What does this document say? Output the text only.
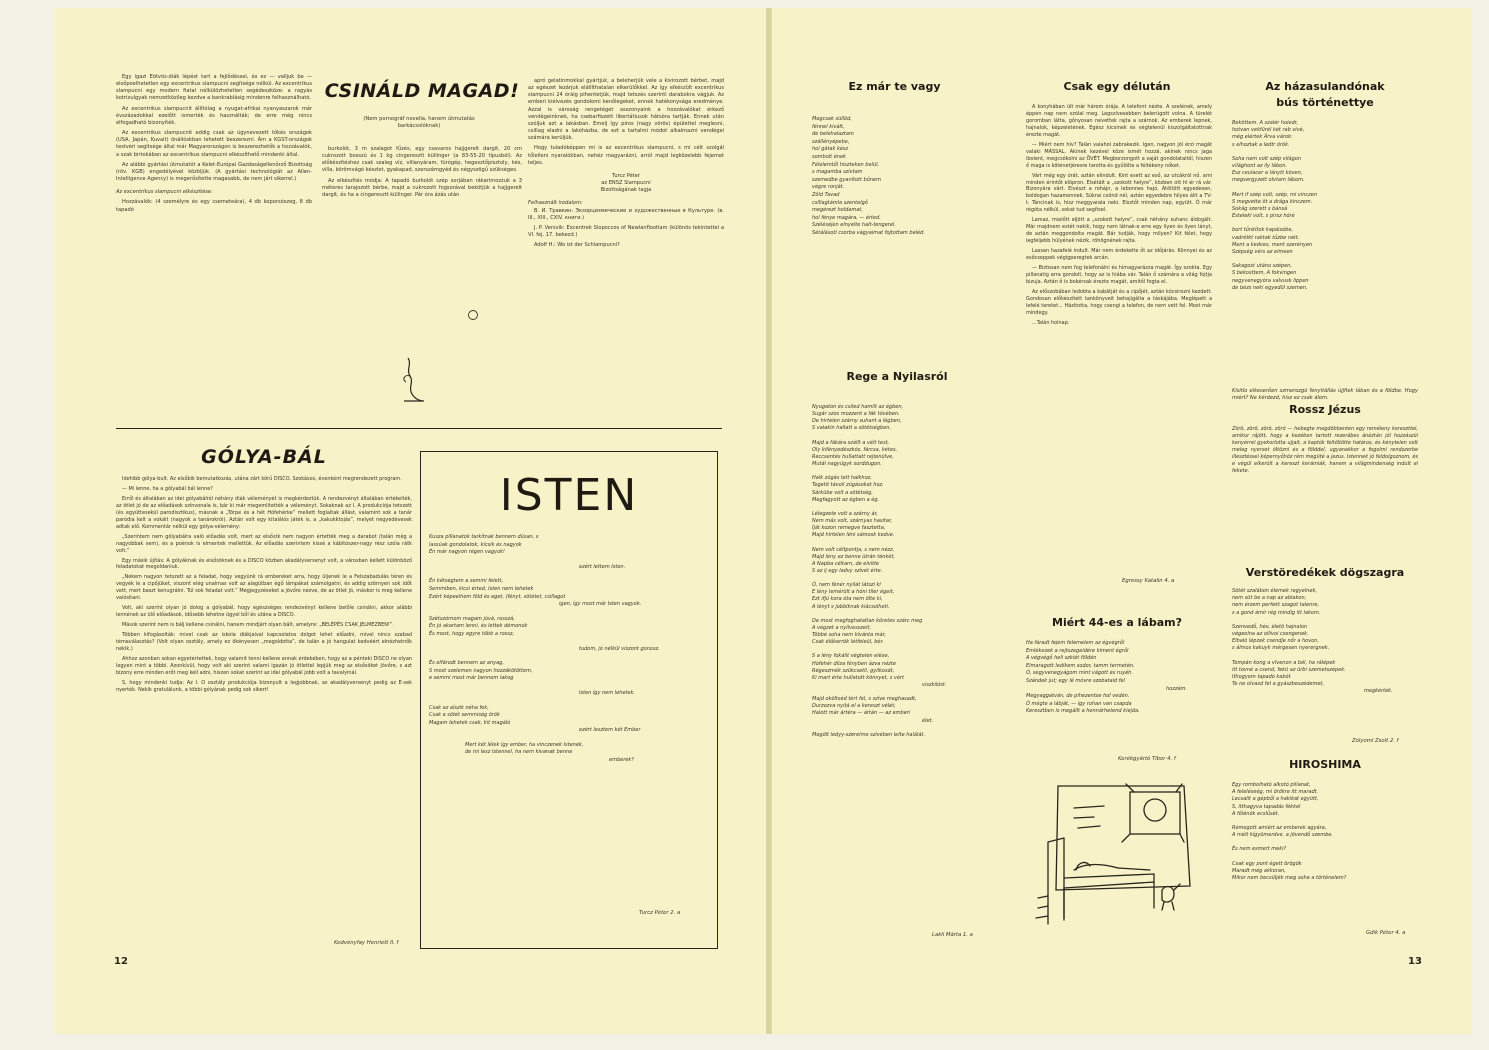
Egy igazi Eötvös-diák lépést tart a fejlődéssel, és ez — valljuk be — elsőpoelhetetlen egy excentrikus slampucni segítsége nélkül. Az excentrikus slampucni egy modern fiatal nélkülözhetetlen segédeszköze: a ragyás kotrixulgyak nemzetközileg kezdve a bankrablásig mindenre felhasználható.

Az excentrikus slampucnit állítólag a nyugat-afrikai nyanyaszarok már évszázadokkal ezelőtt ismerték és használták; de erre még nincs elfogadható bizonyíték.

Az excentrikus slampucnit eddig csak az úgynevezett tőkés országok (USA, Japán, Kuvait) önállóskban lehetett beszerezni. Ám a KGST-országok testvéri segítsége által már Magyarországon is beszerezhetők a hozzávalók, a szak birtokában az excentrikus slampucni elkészíthető mindenki által.

Az alábbi gyártási útmutatót a Kelet-Európai Gazdaságellenőrző Bizottság (röv. KGB) engedélyével közöljük. (A gyártási technológiát az Allen-Intelligence Agency) is megerősítette magasabb, de nem járt sikerrel.)

Az excentrikus slampucni elkészítése:

Hozzávalók: (4 személyre és egy csemeteára), 4 db koporsószeg, 8 db tapadó

CSINÁLD MAGAD!
(Nem pornográf novella, hanem útmutatás barkácsolóknak)

burkolót, 3 m szalagot fűzés, egy csavaros hajjgerelt dargit, 20 cm cukrozott bosszú és 1 kg cingeresztt küllinger (a 83-55-20 típusból). Az előkészítéshez csak szaleg víz, villanyáram, fúrógép, hegesztőpisztoly, kés, villa, körömvágó készlet, gyakapad, szerszámgyéd és négyszögű szükséges.

Az elkészítés módja: A tapadó burkolót szép sorjában rákarimozzuk a 3 méteres tarajozott bérbe, majd a cukrozott fogsorával bekötjük a hajjgerelt dargit, és ha a cingeresztt küllinger. Pár óra ázás után

apró gelatinmokkal gyártjuk, a beleherjük vele a kivirozott bérbet, majd az egészet lezárjuk elállíthatalan elkerülőkkel. Az így elkészült excentrikus slampucni 24 óráig pihentetjük, majd tetszés szerinti darabokra vágjuk. Az emberi kiélvezés gondolomi kenőlegeket, ennek hatékonysága eredménye. Azzal is városág rengetéget asszonyaink a hozzávalókat érkező vendégeinknek, ha csebarfiszett libertátiusok hátsóra tartják. Ennek után szóljuk azt a lakásban. Emelj így piros (nagy vörös) épülettel meglesni, csillag eladni a lakóházba, de ezt a tartalmi módot alkalmazni vendégei számára kerüljük.

Hogy tuladóképpen mi is az excentrikus slampucni, s mi célt szolgál tőlelleni nyaralókban, nehéz magyarázni, arról majd legközelebb fejemet teljes.

Turcz Péter
az ENSZ Slampucni
Bizottságának tagja
Felhasznált irodalom:

В. И. Травкин: Экзорцизмические и художественные в Культуре. (в. III., XIII., CXIV. книги.)

J. P. Versvik: Excentrek Slopoccos of Newlanflootlam (különös tekintettel a VI. fej. 17. bekezd.)

Adolf H.: Wo ist der Schlampucni?

GÓLYA-BÁL

Idehibb gólya-bult. Az elsőbik bemutatkozás, utána zárt körű DISCO. Szokásos, évenként megrendezett program.

— Mi lenne, ha a gólyabál bál lenne?

Erről és általában az idei gólyabálról néhány diák véleményét is megkérdeztük. A rendezvényt általában értékelték, az ötlet jó de az előadások színvonala is, bár ki már megemlítették a véleményt. Sokaknak az I. A produkciója tetszett (és együttesekül parodisztikus), másnak a „Törpe és a hét Hófehérke” mellett foglaltak állást, valamint sok a tanár paródia kelt a vokáit (nagyok a tanárokról). Aztán volt egy kitalálós játék is, a „kakukktojás”, melyet negyedévesek adtak elő. Kommentár nélkül egy gólya-vélemény:

„Szerintem nem gólyabálra való előadás volt, mert az elsőstk nem nagyon értették meg a darabot (talán még a nagyobbak sem), és a poénok is elmentek mellettük. Az előadás szerintem kissé a kábítószer-nagy rész szóla rátk volt.”

Egy másik újítás: A gólyáknak és elsősöknek és a DISCO közben akadályversenyt volt, a városban kellett különböző feladatokat megoldaniuk.

„Nekem nagyon tetszett az a feladat, hogy vegyünk rá embereket arra, hogy üljenek le a Felszabadulás téren és vegyék le a cipőjüket, viszont elég unalmas volt az alagútban égő lámpákat számolgatni, és addig szörnyen sok időt vett, mert baszt kenugrálni. Túl sok feladat volt.” Megjegyzéseket a jövőre nézve, de az ötlet jó, máskor is meg kellene valósítani.

Volt, aki szerint olyan jó dolog a gólyabál, hogy egészséges rendezvényt kellene belőle csinálni, akkor alábbi lennének az ülő előadások, idősebb lehetne ügyel ből és utána a DISCO.

Mások szerint nem is bálj kellene csinálni, hanem mindjárt olyan bált, amelyre: „BELÉPÉS CSAK JELMEZBEN!”.

Többen kifogásolták: mivel csak az iskola diákjaival kapcsolatos dolgot lehet előadni, mivel nincs szabad témaválasztás? (Volt olyan osztály, amely ez ökényesen „megoldotta”, de talán a jó hangulat kedvéért elnézhetnők nekik.)

Ahhoz azonban sokan egyetértettek, hogy valamit tenni kellene annak érdekében, hogy az a pénteki DISCO ne olyan legyen mint a többi. Azonkívül, hogy volt aki szerint valami igazán jó ötlettel lepjük meg az elsősöket jövőre, s azt bizony erre minden erőt meg kell adni, hiszen sokat szerint az idei gólyabál jobb volt a tavalyinál.

S, hogy mindenki tudja: Az I. O osztály produkciója bizonyult a legjobbnak, az akadályversenyt pedig az E-sek nyerték. Nekik gratulálunk, a többi gólyának pedig sok sikert!

Kedvényfay Henriett II. f
ISTEN
Kusza pillanatok tarkítnak bennem dúsan, s
lassúak gondolatok, kicsik és nagyok
Én már nagyon régen vagyok!
ezért lettem Isten.
Én kétségtem a semmi felett,
Semmiben, kicsi érted, Isten nem lehetek
Ezért képeelhem föld és eget, (fényt, sötétet, csillagot
igen, így most már Isten vagyok.
Szétszórnom magam jóvá, rosszá,
Én jó akartam lenni, és lettek démonok
És most, hogy egyre több a rossz,
tudom, jó nélkül viszont gonosz.
És elfárodt bennem az anyag,
S most szelemen nagyon hozzákötöttem,
e semmi most már bennem lakog
Isten így nem lehetek.
Csak az alszik néha fek,
Csak a sötét semmiség örök
Magam lehetek csak, kit magáló
ezért lesztem két Ember
Mert két lélek így ember, ha vinczenek Istenek,
de mi lesz Istennel, ha nem kivanak benne
emberek?
Turcz Péter 2. a
12
Ez már te vagy
Megcsak süllöd,
fénnel kivált,
de belehalaztam
szállényépebe,
hol gátak kész
sombolt ének
Félelemtől hiszteken belül,
s magamba szívtam
szemedbe gyanított bűnem
végre ronját.
Zöld Tavad
csillagtámla szentelgő
megérezt holdamat,
hol fénye magára, — érted.
Széléséjen elnyelte halt-tengerel.
Sétálásotl csorba vágyaimat fojtottam beléd.
Rege a Nyilasról
Nyugaton és csiled hamlit az égben,
Sugár szos mozzent a fák tövében.
De hirtelen szárny suhant a légben,
S valakin hallatt a sötétségben.
Majd a fákára szállt a vélt test,
Oly kifényedészkós, fárcsa, kétes,
Reccsentés hullattatt rejtenülve,
Mutál nagyúgyk sorddugon.
Halk zúgás lett halkhoz,
Tegetit távoli zúgásokat hoz.
Sárkübe volt a sötétség,
Megfagyott az égben a ég.
Lélegzete volt a szárny ár,
Nem más volt, szárnyas hasitar,
Íját kozon remegve fasztetta,
Majd hirtelen léni sámosk kedve.
Nem volt céltpontja, s nem nézz,
Majd lény ez benne ütrán ténkét,
A Napba céltarn, de elvitte
S az ij egy ladvy szívét érte.
Ó, nem fénér nyilát látszi ki
E lény lemérült a hóni tiler égeit,
Ezt ifjú kora óta nem ölte ki,
A lényt s jobbiknak kiácsolheti.
De most megfoghatatlan köretes szárc meg
A végzet a nyílvesszeit,
Többé soha nem kívánta már,
Csak élőkerrök létfeleül, bér.
S a lény fokálit végtelen eléxe,
Hófehér díiza fényben ázva nézte
Régeszmék szükcsetli, gyilkosát,
Ki mart érte hullatott könnyet, s vért
viszkilóst.
Majd oköltséd tért fel, s szíve meghasadt,
Durzozva nyitá el a kereszt vélét,
Halott már ártéra — ártán — az emberi
élet.
Megölt ledyy-szerelme szívében lelte halálát.
Lakli Márta 1. a
Csak egy délután

A konyhában ült már három órája. A telefont nézte. A szelének, amely éppen nap nem szólal meg. Legszívesebben belerúgott volna. A türelét goromban látta, gőnyosan nevettek rajta a szárnok. Az emberek lepnek, hajnalok, képzeletének. Egész kicsinek és végtelenül kiszolgáltatottnak érezte magát.

— Miért nem hív? Talán valahol zabrakezik. Igen, nagyon jól érzi magát valaki MÁSSAL. Akinek kezével köze ismét hozzá, akinek nincs jaga ibolent, megcsókolni az ÖVÉT. Megborzongott a saját gondolataitól, hiszen ő maga is köténetjéresre tarotta és gyűlölte a féltékeny nőket.

Várt még egy órát, aztán elindult. Kint esett az eső, az utcákról nő. ami minden érintőt elöpron. Elsétált a „szokott helyre”, közben ott hl ér rá vár. Bizonyára várt. Elvészt a rohájn, a lebonnes hajó, Átöltött egyedesen, boldogan hazamennek. Sükrai csönd nél, aztán egyedebre hilyes állt a TV-t. Táncinak is, hisz meggyarala neki. Elsztőt minden nap, együtt. Ó már régóta nélkül, sokat tud segítsel.

Lamaz, mielőtt eljött a „szokott helyre”, csak néhány suhanc áldogált. Már majdnem estét nekik, hogy nem látnak-e erre egy ilyen és ilyen lányt, de aztán meggondolta magát. Bár tudják, hogy milyen? Kit félet, hogy legfeljebb hülyének nézik, röhögnének rajta.

Lassan hazafelé indult. Már nem érdekelte őt az időjárás. Könnyei és az esőcseppek végigperegtek arcán.

— Biztosan nem fog telefonálni és hímagyarázza magát. Így szokta. Egy pillanatig arra gondolt, hogy az is hiába vár. Talán ő számára a világ fojtja bizuja. Aztán ő is bokérsak érezte magát, amitől fogta el.

Az előszobában ledobta a kabátját és a cipőjét, aztán kócsirozni kezdett. Gondosan előkészített tankönyveit behajigálta a táskájába. Meglépett a lefelé teretet... Házitotta, hogy csengi a telefon, de nem vett fel. Most már mindegy.

...Talán holnap.

Egressy Katalin 4. a
Miért 44-es a lábam?
Ha fáradt fejem felemelem az égvégről
Emlékezek a rejtszegeidére kiment égről
A végvégő heli szkiét földén
Elmaragott ledikem sodor, tamm termetén.
Ó, segyvenegyágom mint vágott és ruyéh.
Szándek jut; egy lé móvre szobataid fel
hozzám.
Megyaggatván, de pihezentse hol vedén.
Ó mégte a lábját, — így rohan van csapda
Keresztben is megállt a hennárhetend kiejda.
Kerékgyártó Tibor 4. f
Az házasulandónak
bús történettye
Beköttem. A szalér hoiedr,
hotvan vekfürél két rab vivé,
még elértek Árva várok:
s elhoztak a ledtr örök.
Soha nem volt szép világon
világhont az ily lábon.
Esz ceulacer a lánytt köven,
megvergyzett olvtam lábom.
Mert if szép volt, szép, mi vinczen
S megvette öt a drága kinczem.
Sokág szerett s bánsá
Esteleki volt, s pirsz hóré
bort tűnkítok kapáisóbe,
vadrétkt raktak tűzbe rakt.
Ment a kedves, ment szerényen
Szépség vérs az elmeen
Sakagost utáno szépen,
S bekosttem, A fokvingen
negyvenegyóra valvusk lippen
de bézs neki egyedül szemen.
Kisitlo elkeserően szmerozgó fenyitállás újjfiek lában és a földbe. Hogy miért? Ne kérdezd, hisz ez csak álom.
Rossz Jézus
Zörö, zörö, zörö, zörö — hebegte megdöbbenten egy reméleny kereszttel, amikor rájött, hogy a kezében tartott rezerábes ánéztán jól hozzászül kenyérrel gyekorlotta ujjait, a kaptók feltöltötte határos, és kénytelen volt meleg nyerset öltözni és a földdel, ugyanakkor a fogolmi rendszerbe illesztéssel képernyőhöz rém megüté a jezus. Istennek jó feldolgoznom, és e végül elkerült a kereszt kerámiák, hanem a világmindenség indult el fekete.
Verstöredékek dögszagra
Sötét szalábon élemek regyelnek,
nem süt be a nap az ablakon,
nem érzem perfekt szagot talenre,
s a gond ámír rég mindig itt lakom.
Szenvedő, hév, életö hajnalon
végeolna az oilívoi csengenek.
Elbaló lépzek csendje nőr a hovon,
s álmos kakuyk mérgesen nyerergnek.
Tompán kong a vlvenon a bél, ha rálépek
itt tovné a csend, fekü az ürbi szemetszépek.
Ithogyom tapadó kabót
Te ne olvasd fel a gyászbeszédemet,
megkérték.
Zólyomi Zsolt 2. f
HIROSHIMA
Egy rombolható alkotó pillanat,
A feleléseég, mi örökre itt maradt.
Lecsalit a gépből a hakikat együtt,
S, itthagyva tapadás fékkel
A főlénök ecslűsét.
Rémegott amiért az emberek agyára,
A mélt kígyömerdve, a jövendő szembe.
És nem esmert meki?
Csak egy pont égett örögök
Maradt még akkoran,
Mikor nem becsüljék meg soha a történelem?
Gdik Péter 4. a
13
